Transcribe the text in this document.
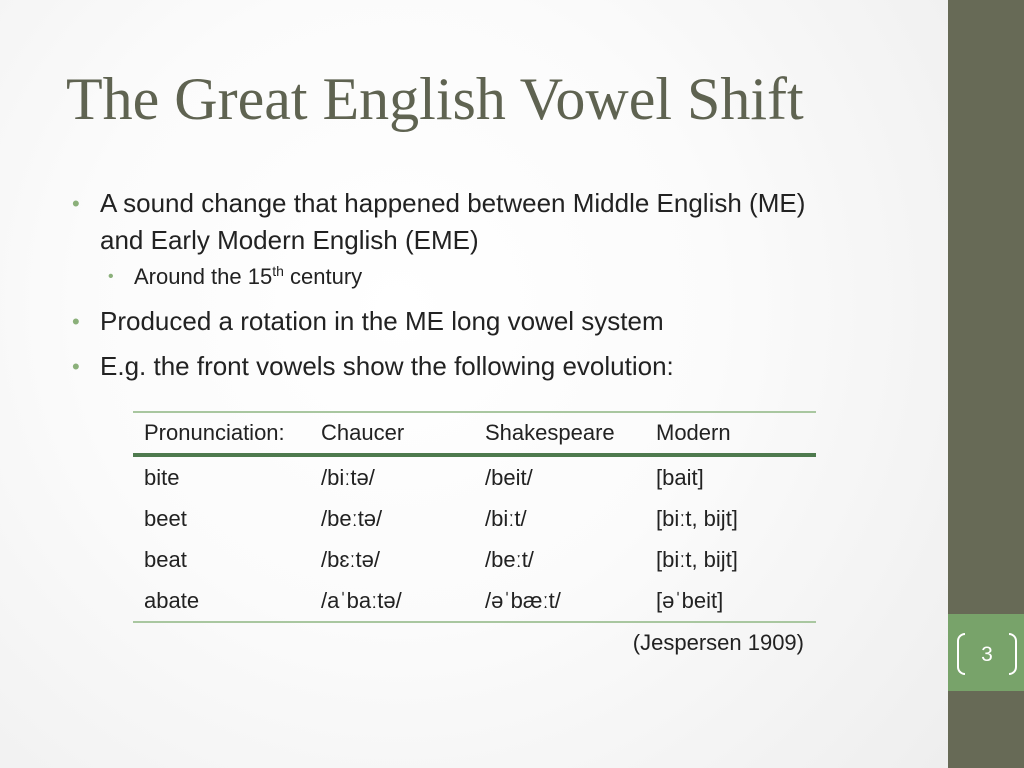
3
The Great English Vowel Shift
• A sound change that happened between Middle English (ME)
and Early Modern English (EME)
• Around the 15th century
• Produced a rotation in the ME long vowel system
• E.g. the front vowels show the following evolution:
Pronunciation:	Chaucer	Shakespeare	Modern
bite	/biːtə/	/beit/	[bait]
beet	/beːtə/	/biːt/	[biːt, bijt]
beat	/bɛːtə/	/beːt/	[biːt, bijt]
abate	/aˈbaːtə/	/əˈbæːt/	[əˈbeit]
(Jespersen 1909)
